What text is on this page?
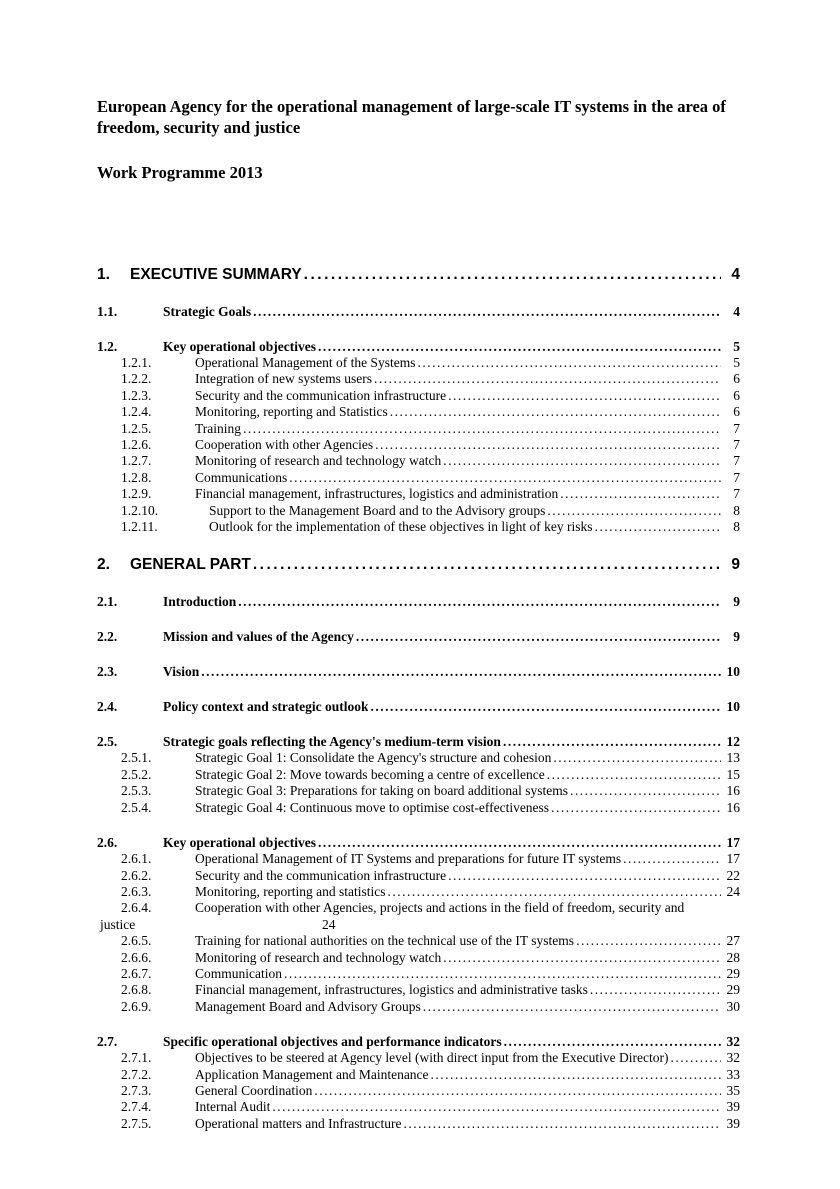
European Agency for the operational management of large-scale IT systems in the area of freedom, security and justice
Work Programme 2013
1.	EXECUTIVE SUMMARY .....	4
1.1.	Strategic Goals .....	4
1.2.	Key operational objectives .....	5
1.2.1.	Operational Management of the Systems .....	5
1.2.2.	Integration of new systems users .....	6
1.2.3.	Security and the communication infrastructure .....	6
1.2.4.	Monitoring, reporting and Statistics .....	6
1.2.5.	Training .....	7
1.2.6.	Cooperation with other Agencies .....	7
1.2.7.	Monitoring of research and technology watch .....	7
1.2.8.	Communications .....	7
1.2.9.	Financial management, infrastructures, logistics and administration .....	7
1.2.10.	Support to the Management Board and to the Advisory groups .....	8
1.2.11.	Outlook for the implementation of these objectives in light of key risks .....	8
2.	GENERAL PART .....	9
2.1.	Introduction .....	9
2.2.	Mission and values of the Agency .....	9
2.3.	Vision .....	10
2.4.	Policy context and strategic outlook .....	10
2.5.	Strategic goals reflecting the Agency's medium-term vision .....	12
2.5.1.	Strategic Goal 1: Consolidate the Agency's structure and cohesion .....	13
2.5.2.	Strategic Goal 2: Move towards becoming a centre of excellence .....	15
2.5.3.	Strategic Goal 3: Preparations for taking on board additional systems .....	16
2.5.4.	Strategic Goal 4: Continuous move to optimise cost-effectiveness .....	16
2.6.	Key operational objectives .....	17
2.6.1.	Operational Management of IT Systems and preparations for future IT systems .....	17
2.6.2.	Security and the communication infrastructure .....	22
2.6.3.	Monitoring, reporting and statistics .....	24
2.6.4.	Cooperation with other Agencies, projects and actions in the field of freedom, security and
justice	24
2.6.5.	Training for national authorities on the technical use of the IT systems .....	27
2.6.6.	Monitoring of research and technology watch .....	28
2.6.7.	Communication .....	29
2.6.8.	Financial management, infrastructures, logistics and administrative tasks .....	29
2.6.9.	Management Board and Advisory Groups .....	30
2.7.	Specific operational objectives and performance indicators .....	32
2.7.1.	Objectives to be steered at Agency level (with direct input from the Executive Director) .....	32
2.7.2.	Application Management and Maintenance .....	33
2.7.3.	General Coordination .....	35
2.7.4.	Internal Audit .....	39
2.7.5.	Operational matters and Infrastructure .....	39
